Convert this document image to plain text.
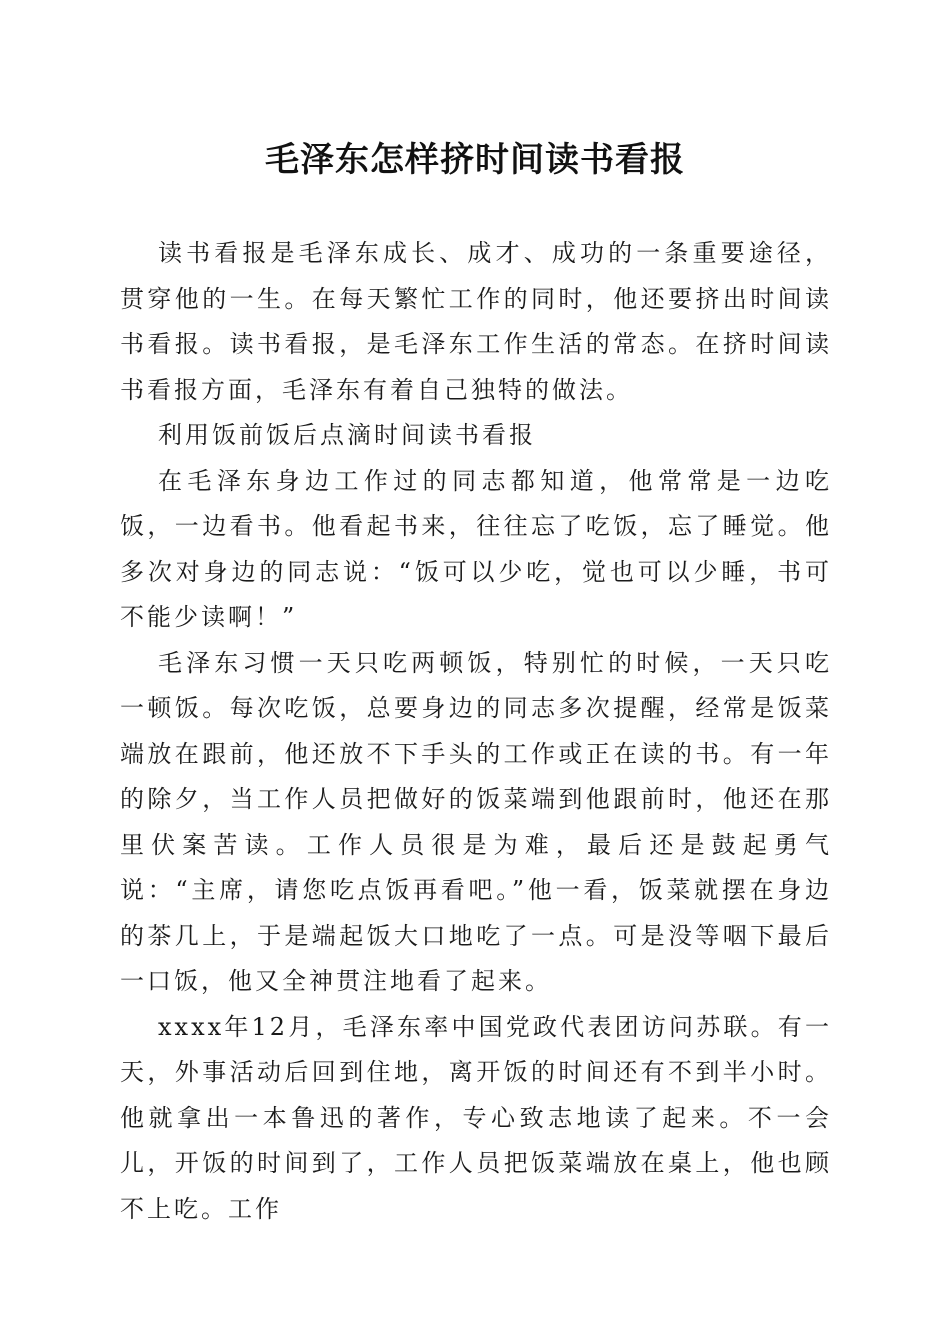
毛泽东怎样挤时间读书看报

读书看报是毛泽东成长、成才、成功的一条重要途径，贯穿他的一生。在每天繁忙工作的同时，他还要挤出时间读书看报。读书看报，是毛泽东工作生活的常态。在挤时间读书看报方面，毛泽东有着自己独特的做法。

利用饭前饭后点滴时间读书看报

在毛泽东身边工作过的同志都知道，他常常是一边吃饭，一边看书。他看起书来，往往忘了吃饭，忘了睡觉。他多次对身边的同志说：“饭可以少吃，觉也可以少睡，书可不能少读啊！”

毛泽东习惯一天只吃两顿饭，特别忙的时候，一天只吃一顿饭。每次吃饭，总要身边的同志多次提醒，经常是饭菜端放在跟前，他还放不下手头的工作或正在读的书。有一年的除夕，当工作人员把做好的饭菜端到他跟前时，他还在那里伏案苦读。工作人员很是为难，最后还是鼓起勇气说：“主席，请您吃点饭再看吧。”他一看，饭菜就摆在身边的茶几上，于是端起饭大口地吃了一点。可是没等咽下最后一口饭，他又全神贯注地看了起来。

xxxx年12月，毛泽东率中国党政代表团访问苏联。有一天，外事活动后回到住地，离开饭的时间还有不到半小时。他就拿出一本鲁迅的著作，专心致志地读了起来。不一会儿，开饭的时间到了，工作人员把饭菜端放在桌上，他也顾不上吃。工作
